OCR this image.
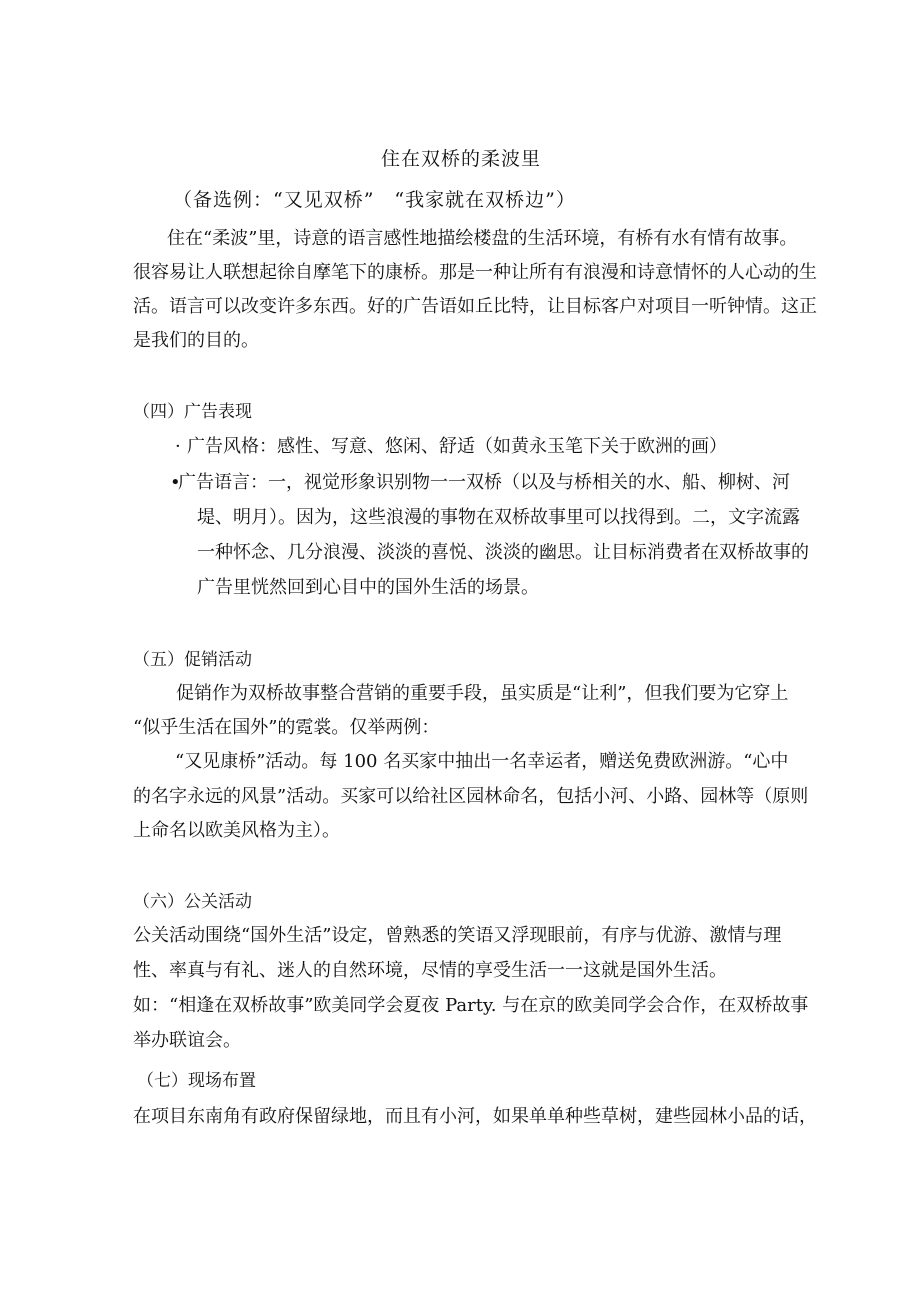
住在双桥的柔波里
（备选例：“又见双桥”　“我家就在双桥边”）
住在“柔波”里，诗意的语言感性地描绘楼盘的生活环境，有桥有水有情有故事。
很容易让人联想起徐自摩笔下的康桥。那是一种让所有有浪漫和诗意情怀的人心动的生
活。语言可以改变许多东西。好的广告语如丘比特，让目标客户对项目一听钟情。这正
是我们的目的。
（四）广告表现
· 广告风格：感性、写意、悠闲、舒适（如黄永玉笔下关于欧洲的画）
•广告语言：一，视觉形象识别物一一双桥（以及与桥相关的水、船、柳树、河
堤、明月）。因为，这些浪漫的事物在双桥故事里可以找得到。二，文字流露
一种怀念、几分浪漫、淡淡的喜悦、淡淡的幽思。让目标消费者在双桥故事的
广告里恍然回到心目中的国外生活的场景。
（五）促销活动
促销作为双桥故事整合营销的重要手段，虽实质是“让利”，但我们要为它穿上
“似乎生活在国外”的霓裳。仅举两例：
“又见康桥”活动。每 100 名买家中抽出一名幸运者，赠送免费欧洲游。“心中
的名字永远的风景”活动。买家可以给社区园林命名，包括小河、小路、园林等（原则
上命名以欧美风格为主）。
（六）公关活动
公关活动围绕“国外生活”设定，曾熟悉的笑语又浮现眼前，有序与优游、激情与理
性、率真与有礼、迷人的自然环境，尽情的享受生活一一这就是国外生活。
如：“相逢在双桥故事”欧美同学会夏夜 Party. 与在京的欧美同学会合作，在双桥故事
举办联谊会。
（七）现场布置
在项目东南角有政府保留绿地，而且有小河，如果单单种些草树，建些园林小品的话，
